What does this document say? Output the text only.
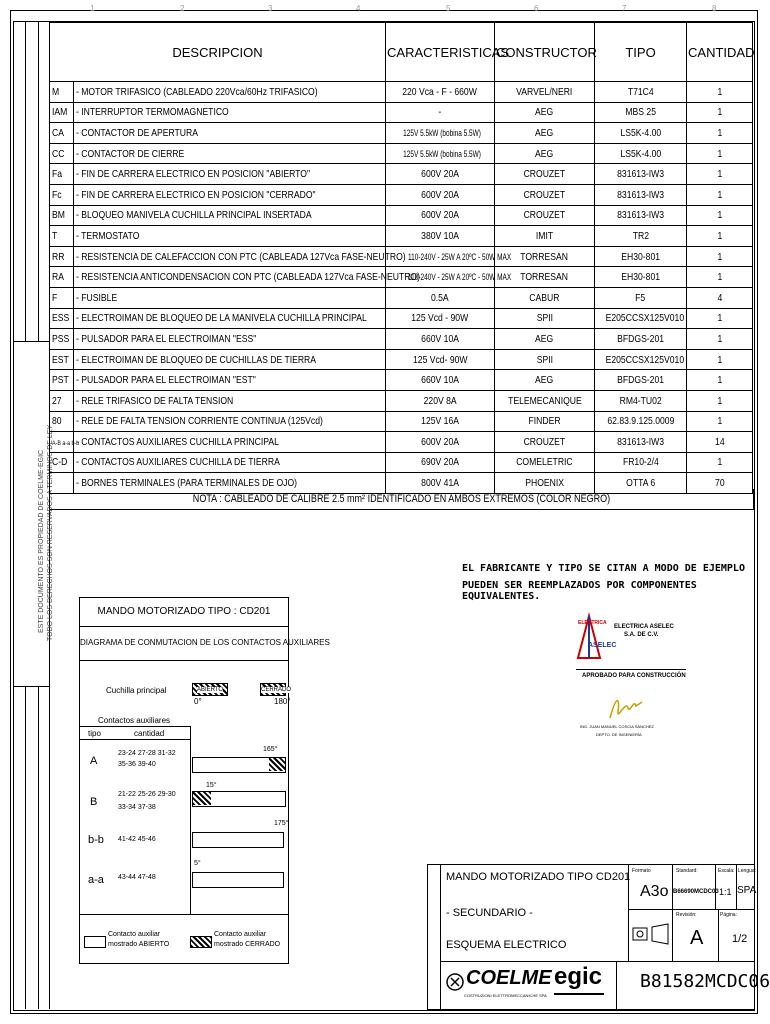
1	2	3	4	5	6	7	8
ESTE DOCUMENTO ES PROPIEDAD DE COELME-EGIC TODO LOS DERECHOS SON RESERVADOS A TERMINOS DE LEY
DESCRIPCION		CARACTERISTICAS	CONSTRUCTOR	TIPO	CANTIDAD
M	- MOTOR TRIFASICO (CABLEADO 220Vca/60Hz TRIFASICO)	220 Vca - F - 660W	VARVEL/NERI	T71C4	1
IAM	- INTERRUPTOR TERMOMAGNETICO	-	AEG	MBS 25	1
CA	- CONTACTOR DE APERTURA	125V 5.5kW (bobina 5.5W)	AEG	LS5K-4.00	1
CC	- CONTACTOR DE CIERRE	125V 5.5kW (bobina 5.5W)	AEG	LS5K-4.00	1
Fa	- FIN DE CARRERA ELECTRICO EN POSICION "ABIERTO"	600V 20A	CROUZET	831613-IW3	1
Fc	- FIN DE CARRERA ELECTRICO EN POSICION "CERRADO"	600V 20A	CROUZET	831613-IW3	1
BM	- BLOQUEO MANIVELA CUCHILLA PRINCIPAL INSERTADA	600V 20A	CROUZET	831613-IW3	1
T	- TERMOSTATO	380V 10A	IMIT	TR2	1
RR	- RESISTENCIA DE CALEFACCION CON PTC (CABLEADA 127Vca FASE-NEUTRO)	110-240V - 25W A 20ºC - 50W MAX	TORRESAN	EH30-801	1
RA	- RESISTENCIA ANTICONDENSACION CON PTC (CABLEADA 127Vca FASE-NEUTRO)	110-240V - 25W A 20ºC - 50W MAX	TORRESAN	EH30-801	1
F	- FUSIBLE	0.5A	CABUR	F5	4
ESS	- ELECTROIMAN DE BLOQUEO DE LA MANIVELA CUCHILLA PRINCIPAL	125 Vcd - 90W	SPII	E205CCSX125V010	1
PSS	- PULSADOR PARA EL ELECTROIMAN "ESS"	660V 10A	AEG	BFDGS-201	1
EST	- ELECTROIMAN DE BLOQUEO DE CUCHILLAS DE TIERRA	125 Vcd- 90W	SPII	E205CCSX125V010	1
PST	- PULSADOR PARA EL ELECTROIMAN "EST"	660V 10A	AEG	BFDGS-201	1
27	- RELE TRIFASICO DE FALTA TENSION	220V 8A	TELEMECANIQUE	RM4-TU02	1
80	- RELE DE FALTA TENSION CORRIENTE CONTINUA (125Vcd)	125V 16A	FINDER	62.83.9.125.0009	1
A-B a-a b-b	- CONTACTOS AUXILIARES CUCHILLA PRINCIPAL	600V 20A	CROUZET	831613-IW3	14
C-D	- CONTACTOS AUXILIARES CUCHILLA DE TIERRA	690V 20A	COMELETRIC	FR10-2/4	1
	- BORNES TERMINALES (PARA TERMINALES DE OJO)	800V 41A	PHOENIX	OTTA 6	70
NOTA : CABLEADO DE CALIBRE 2.5 mm² IDENTIFICADO EN AMBOS EXTREMOS (COLOR NEGRO)
EL FABRICANTE Y TIPO SE CITAN A MODO DE EJEMPLO
PUEDEN SER REEMPLAZADOS POR COMPONENTES EQUIVALENTES.
MANDO MOTORIZADO TIPO : CD201
DIAGRAMA DE CONMUTACION DE LOS CONTACTOS AUXILIARES
Cuchilla principal	ABIERTO	CERRADO
0°	180°
Contactos auxiliares
tipo	cantidad
A
23-24 27-28 31-32
35-36 39-40
165°
B
21-22 25-26 29-30
33-34 37-38
15°
b-b 41-42 45-46
175°
a-a 43-44 47-48
5°
Contacto auxiliar
mostrado ABIERTO
Contacto auxiliar
mostrado CERRADO
ELECTRICA
ASELEC
ELECTRICA ASELEC
S.A. DE C.V.
APROBADO PARA CONSTRUCCIÓN
ING. JUAN MANUEL COSCIA SÁNCHEZ
DEPTO. DE INGENIERÍA
MANDO MOTORIZADO TIPO CD201
- SECUNDARIO -
ESQUEMA ELECTRICO
Formato
A3o
Standard:
B66690MCDC03
Escala:
1:1
Lengua:
SPA
Revisión:
A
Página:
1/2
COELME
COSTRUZIONI ELETTROMECCANICHE SPA
egic B81582MCDC06
